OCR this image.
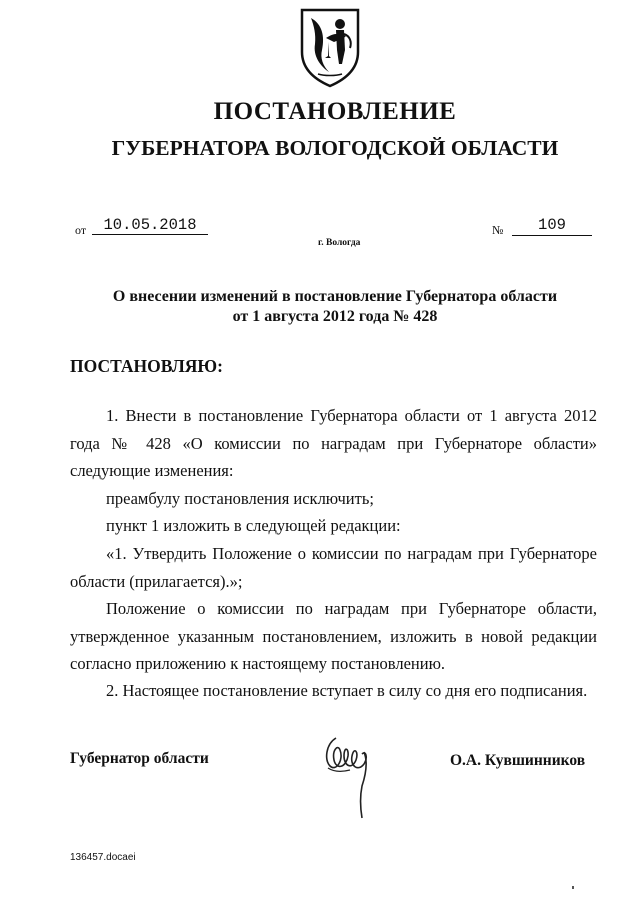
ПОСТАНОВЛЕНИЕ
ГУБЕРНАТОРА ВОЛОГОДСКОЙ ОБЛАСТИ
от	10.05.2018	№	109
г. Вологда
О внесении изменений в постановление Губернатора области
от 1 августа 2012 года № 428
ПОСТАНОВЛЯЮ:
1. Внести в постановление Губернатора области от 1 августа 2012 года № 428 «О комиссии по наградам при Губернаторе области» следующие изменения:
преамбулу постановления исключить;
пункт 1 изложить в следующей редакции:
«1. Утвердить Положение о комиссии по наградам при Губернаторе области (прилагается).»;
Положение о комиссии по наградам при Губернаторе области, утвержденное указанным постановлением, изложить в новой редакции согласно приложению к настоящему постановлению.
2. Настоящее постановление вступает в силу со дня его подписания.
Губернатор области	О.А. Кувшинников
136457.docaei
